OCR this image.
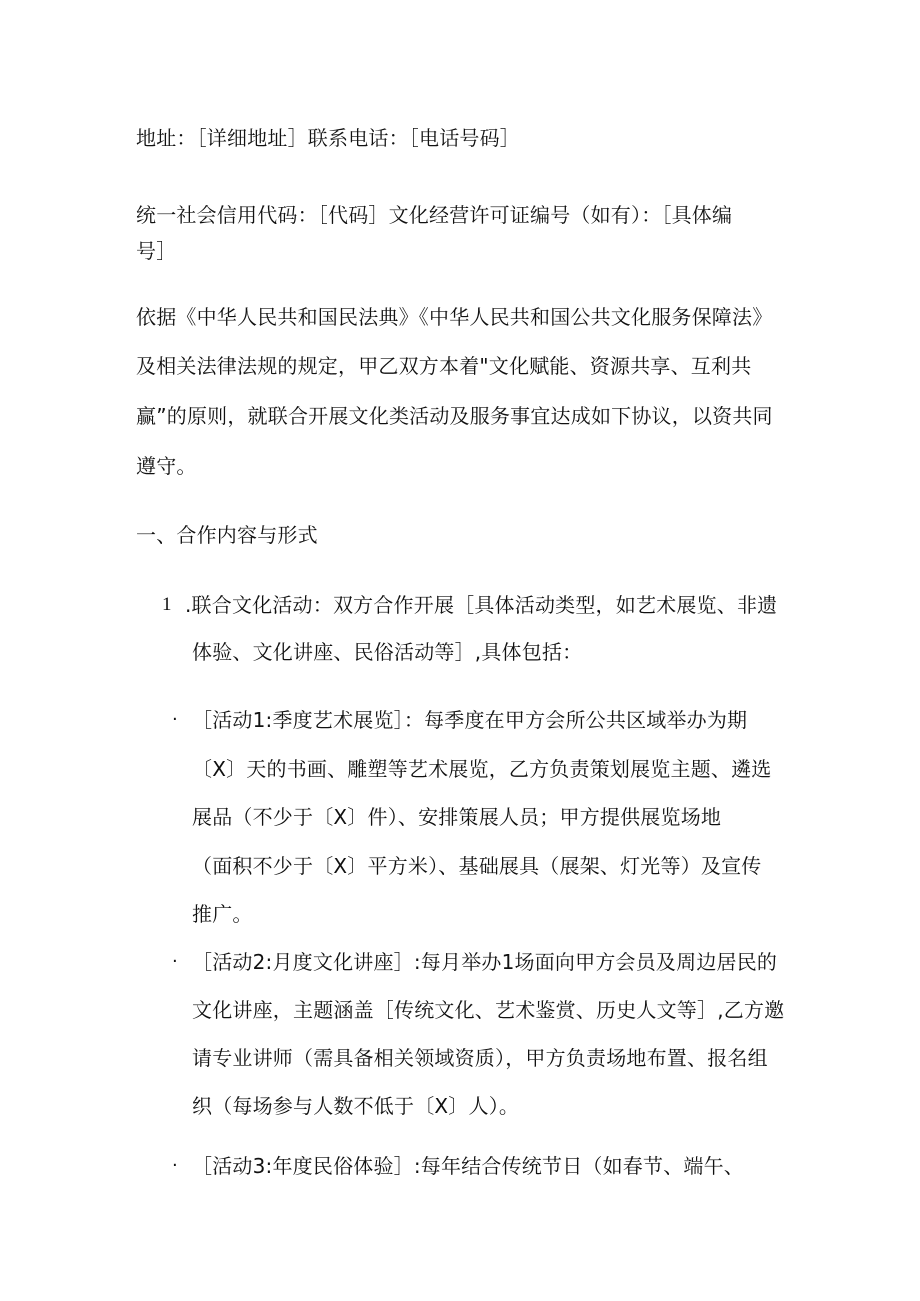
地址：［详细地址］联系电话：［电话号码］
统一社会信用代码：［代码］文化经营许可证编号（如有）：［具体编
号］
依据《中华人民共和国民法典》《中华人民共和国公共文化服务保障法》
及相关法律法规的规定，甲乙双方本着"文化赋能、资源共享、互利共
赢”的原则，就联合开展文化类活动及服务事宜达成如下协议，以资共同
遵守。
一、合作内容与形式
1 .联合文化活动：双方合作开展［具体活动类型，如艺术展览、非遗
体验、文化讲座、民俗活动等］,具体包括：
· ［活动1:季度艺术展览］：每季度在甲方会所公共区域举办为期
〔X〕天的书画、雕塑等艺术展览，乙方负责策划展览主题、遴选
展品（不少于〔X〕件）、安排策展人员；甲方提供展览场地
（面积不少于〔X〕平方米）、基础展具（展架、灯光等）及宣传
推广。
· ［活动2:月度文化讲座］:每月举办1场面向甲方会员及周边居民的
文化讲座，主题涵盖［传统文化、艺术鉴赏、历史人文等］,乙方邀
请专业讲师（需具备相关领域资质），甲方负责场地布置、报名组
织（每场参与人数不低于〔X〕人）。
· ［活动3:年度民俗体验］:每年结合传统节日（如春节、端午、
